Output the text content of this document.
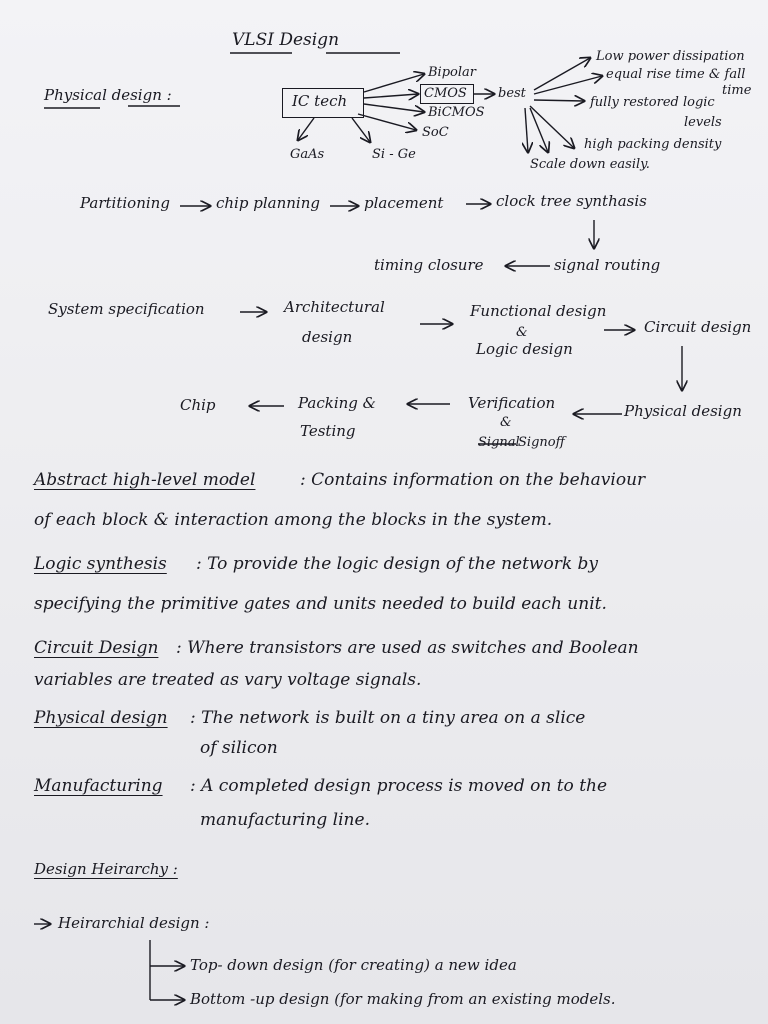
VLSI Design
Physical design :	IC tech
Bipolar
CMOS best
BiCMOS
SoC
GaAs	Si - Ge
Low power dissipation
equal rise time & fall
time
fully restored logic
levels
high packing density
Scale down easily.
Partitioning	chip planning	placement	clock tree synthasis
signal routing
timing closure
System specification	Architectural
design
Functional design
&
Logic design
Circuit design
Physical design
Verification
&
Signal
Signoff
Packing &
Testing
Chip
Abstract high-level model	: Contains information on the behaviour
of each block & interaction among the blocks in the system.
Logic synthesis : To provide the logic design of the network by
specifying the primitive gates and units needed to build each unit.
Circuit Design : Where transistors are used as switches and Boolean
variables are treated as vary voltage signals.
Physical design : The network is built on a tiny area on a slice
of silicon
Manufacturing : A completed design process is moved on to the
manufacturing line.
Design Heirarchy :
Heirarchial design :
Top- down design (for creating) a new idea
Bottom -up design (for making from an existing models.
